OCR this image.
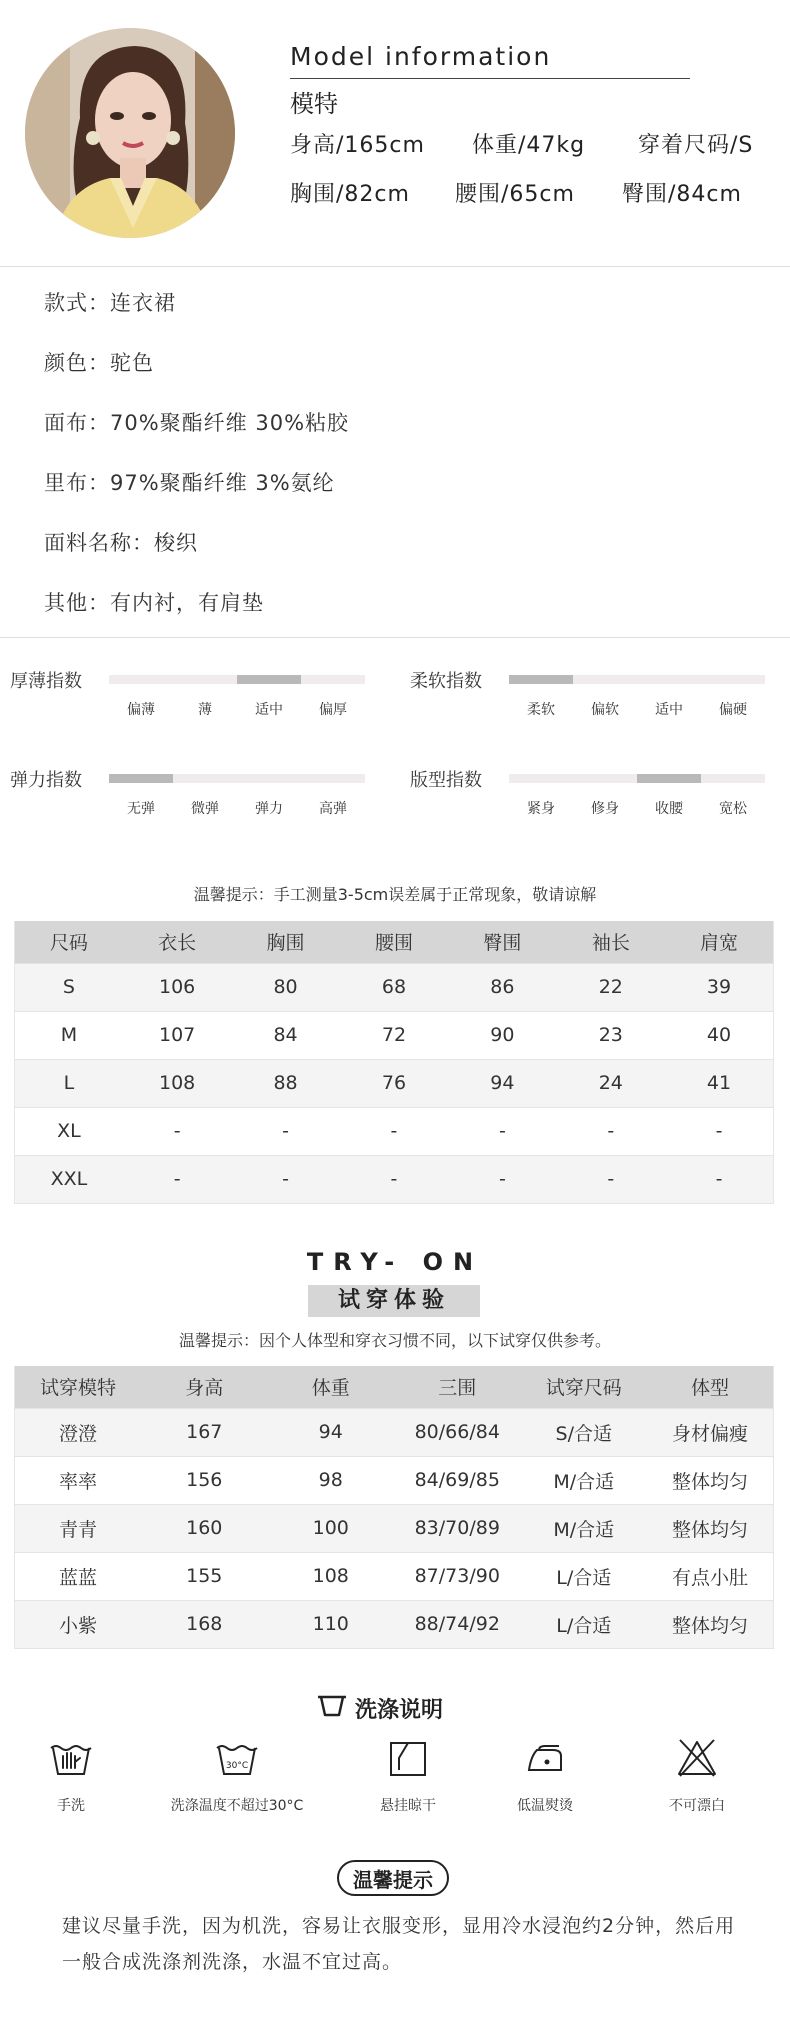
Model information
模特
身高/165cm 体重/47kg 穿着尺码/S
胸围/82cm 腰围/65cm 臀围/84cm
款式：连衣裙
颜色：驼色
面布：70%聚酯纤维 30%粘胶
里布：97%聚酯纤维 3%氨纶
面料名称：梭织
其他：有内衬，有肩垫
厚薄指数
偏薄	薄	适中	偏厚
柔软指数
柔软	偏软	适中	偏硬
弹力指数
无弹	微弹	弹力	高弹
版型指数
紧身	修身	收腰	宽松
温馨提示：手工测量3-5cm误差属于正常现象，敬请谅解
尺码	衣长	胸围	腰围	臀围	袖长	肩宽
S	106	80	68	86	22	39
M	107	84	72	90	23	40
L	108	88	76	94	24	41
XL	-	-	-	-	-	-
XXL	-	-	-	-	-	-
TRY- ON
试穿体验
温馨提示：因个人体型和穿衣习惯不同，以下试穿仅供参考。
试穿模特	身高	体重	三围	试穿尺码	体型
澄澄	167	94	80/66/84	S/合适	身材偏瘦
率率	156	98	84/69/85	M/合适	整体均匀
青青	160	100	83/70/89	M/合适	整体均匀
蓝蓝	155	108	87/73/90	L/合适	有点小肚
小紫	168	110	88/74/92	L/合适	整体均匀
洗涤说明
30°C
手洗	洗涤温度不超过30°C	悬挂晾干	低温熨烫	不可漂白
温馨提示
建议尽量手洗，因为机洗，容易让衣服变形，显用冷水浸泡约2分钟，然后用一般合成洗涤剂洗涤，水温不宜过高。
